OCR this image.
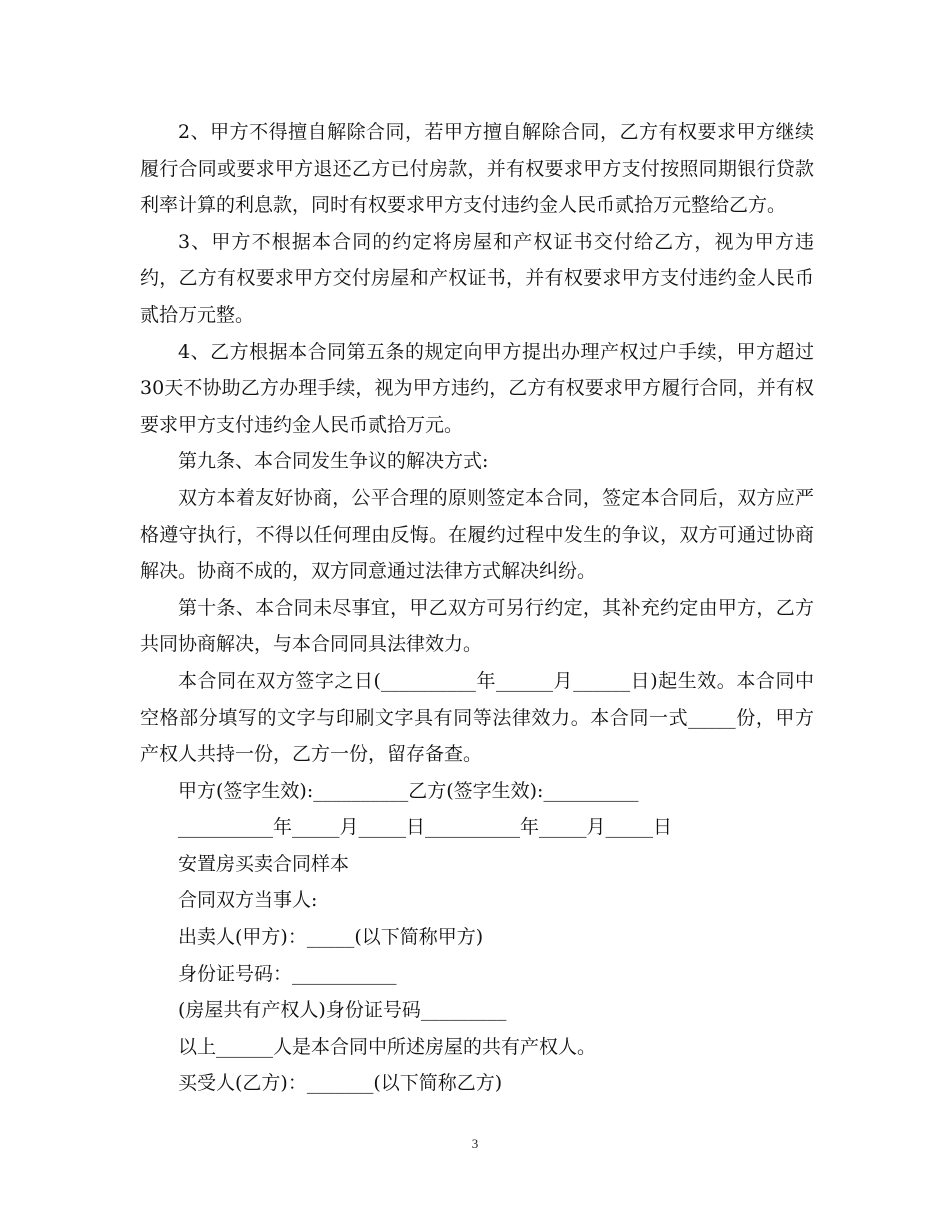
2、甲方不得擅自解除合同，若甲方擅自解除合同，乙方有权要求甲方继续履行合同或要求甲方退还乙方已付房款，并有权要求甲方支付按照同期银行贷款利率计算的利息款，同时有权要求甲方支付违约金人民币贰拾万元整给乙方。

3、甲方不根据本合同的约定将房屋和产权证书交付给乙方，视为甲方违约，乙方有权要求甲方交付房屋和产权证书，并有权要求甲方支付违约金人民币贰拾万元整。

4、乙方根据本合同第五条的规定向甲方提出办理产权过户手续，甲方超过30天不协助乙方办理手续，视为甲方违约，乙方有权要求甲方履行合同，并有权要求甲方支付违约金人民币贰拾万元。

第九条、本合同发生争议的解决方式:

双方本着友好协商，公平合理的原则签定本合同，签定本合同后，双方应严格遵守执行，不得以任何理由反悔。在履约过程中发生的争议，双方可通过协商解决。协商不成的，双方同意通过法律方式解决纠纷。

第十条、本合同未尽事宜，甲乙双方可另行约定，其补充约定由甲方，乙方共同协商解决，与本合同同具法律效力。

本合同在双方签字之日(__________年______月______日)起生效。本合同中空格部分填写的文字与印刷文字具有同等法律效力。本合同一式_____份，甲方产权人共持一份，乙方一份，留存备查。

甲方(签字生效):__________乙方(签字生效):__________

__________年_____月_____日__________年_____月_____日

安置房买卖合同样本

合同双方当事人:

出卖人(甲方)：_____(以下简称甲方)

身份证号码：___________

(房屋共有产权人)身份证号码_________

以上______人是本合同中所述房屋的共有产权人。

买受人(乙方)：_______(以下简称乙方)

3
